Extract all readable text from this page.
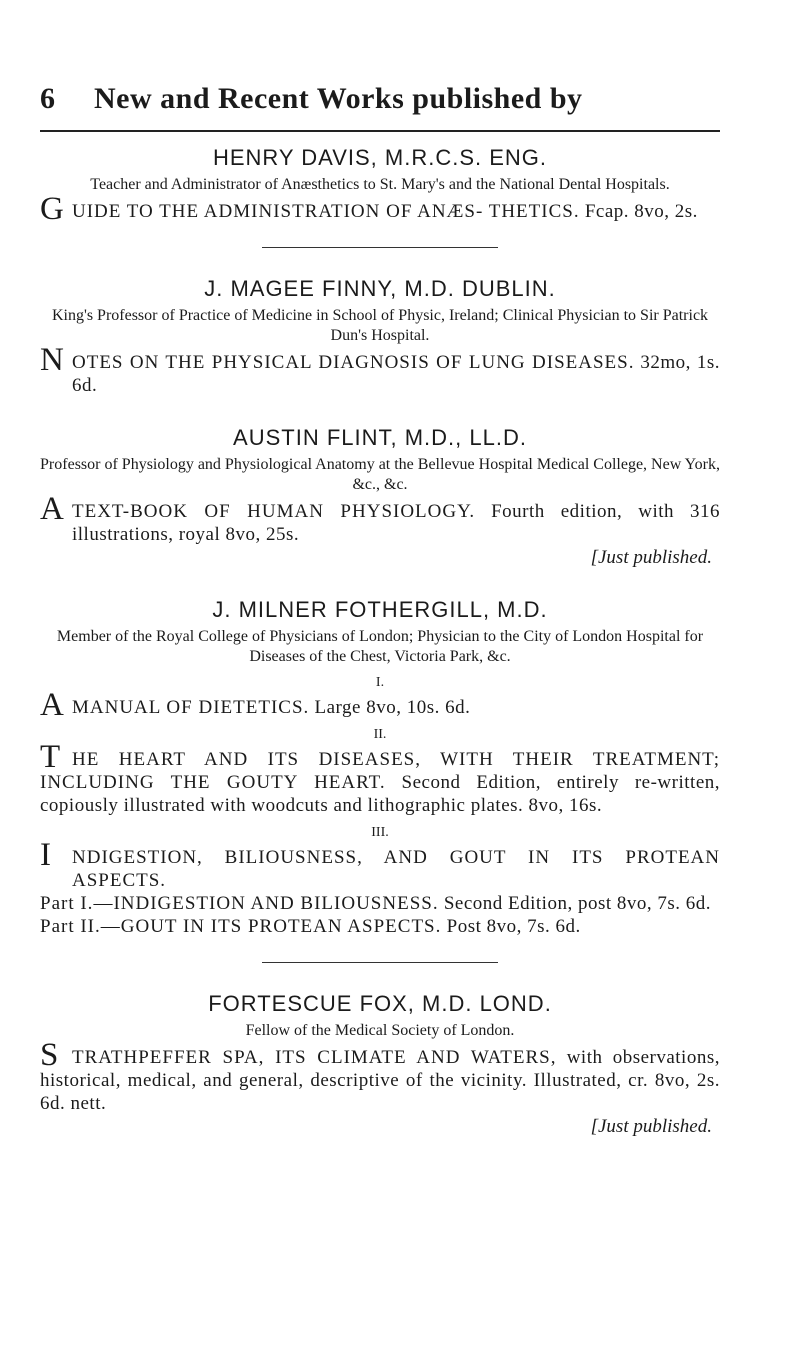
6 New and Recent Works published by
HENRY DAVIS, M.R.C.S. ENG.
Teacher and Administrator of Anæsthetics to St. Mary's and the National Dental Hospitals.
GUIDE TO THE ADMINISTRATION OF ANÆS- THETICS. Fcap. 8vo, 2s.
J. MAGEE FINNY, M.D. DUBLIN.
King's Professor of Practice of Medicine in School of Physic, Ireland; Clinical Physician to Sir Patrick Dun's Hospital.
NOTES ON THE PHYSICAL DIAGNOSIS OF LUNG DISEASES. 32mo, 1s. 6d.
AUSTIN FLINT, M.D., LL.D.
Professor of Physiology and Physiological Anatomy at the Bellevue Hospital Medical College, New York, &c., &c.
ATEXT-BOOK OF HUMAN PHYSIOLOGY. Fourth edition, with 316 illustrations, royal 8vo, 25s.
[Just published.
J. MILNER FOTHERGILL, M.D.
Member of the Royal College of Physicians of London; Physician to the City of London Hospital for Diseases of the Chest, Victoria Park, &c.
I.
AMANUAL OF DIETETICS. Large 8vo, 10s. 6d.
II.
THE HEART AND ITS DISEASES, WITH THEIR TREATMENT; INCLUDING THE GOUTY HEART. Second Edition, entirely re-written, copiously illustrated with woodcuts and lithographic plates. 8vo, 16s.
III.
I NDIGESTION, BILIOUSNESS, AND GOUT IN ITS PROTEAN ASPECTS.
Part I.—INDIGESTION AND BILIOUSNESS. Second Edition, post 8vo, 7s. 6d.
Part II.—GOUT IN ITS PROTEAN ASPECTS. Post 8vo, 7s. 6d.
FORTESCUE FOX, M.D. LOND.
Fellow of the Medical Society of London.
STRATHPEFFER SPA, ITS CLIMATE AND WATERS, with observations, historical, medical, and general, descriptive of the vicinity. Illustrated, cr. 8vo, 2s. 6d. nett.
[Just published.
